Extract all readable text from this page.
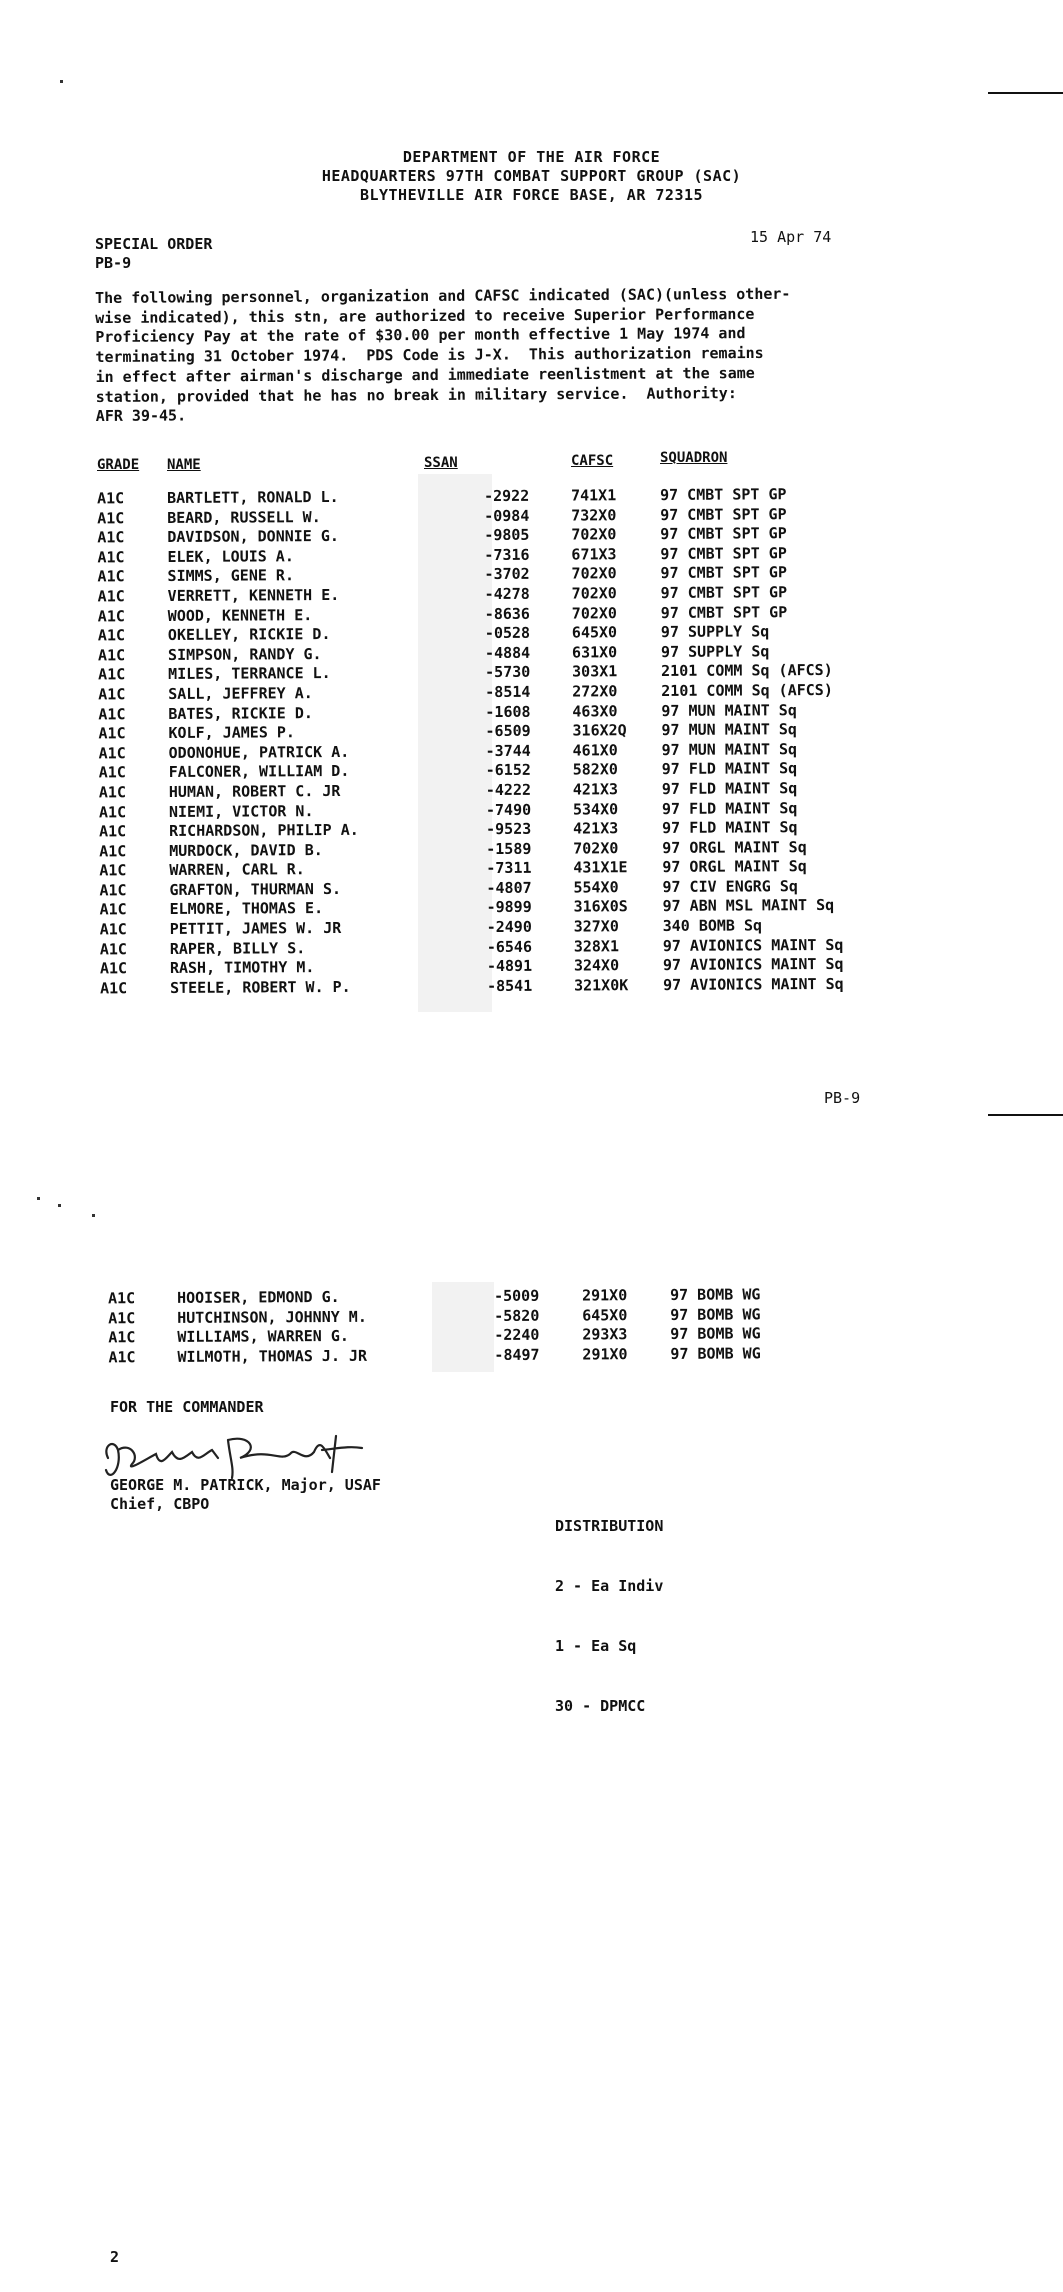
DEPARTMENT OF THE AIR FORCE
HEADQUARTERS 97TH COMBAT SUPPORT GROUP (SAC)
BLYTHEVILLE AIR FORCE BASE, AR 72315
SPECIAL ORDER
PB-9
15 Apr 74
The following personnel, organization and CAFSC indicated (SAC)(unless other-
wise indicated), this stn, are authorized to receive Superior Performance
Proficiency Pay at the rate of $30.00 per month effective 1 May 1974 and
terminating 31 October 1974.  PDS Code is J-X.  This authorization remains
in effect after airman's discharge and immediate reenlistment at the same
station, provided that he has no break in military service.  Authority:
AFR 39-45.
GRADE NAME	SSAN	CAFSC	SQUADRON
A1C	BARTLETT, RONALD L.	-2922	741X1	97 CMBT SPT GP
A1C	BEARD, RUSSELL W.	-0984	732X0	97 CMBT SPT GP
A1C	DAVIDSON, DONNIE G.	-9805	702X0	97 CMBT SPT GP
A1C	ELEK, LOUIS A.	-7316	671X3	97 CMBT SPT GP
A1C	SIMMS, GENE R.	-3702	702X0	97 CMBT SPT GP
A1C	VERRETT, KENNETH E.	-4278	702X0	97 CMBT SPT GP
A1C	WOOD, KENNETH E.	-8636	702X0	97 CMBT SPT GP
A1C	OKELLEY, RICKIE D.	-0528	645X0	97 SUPPLY Sq
A1C	SIMPSON, RANDY G.	-4884	631X0	97 SUPPLY Sq
A1C	MILES, TERRANCE L.	-5730	303X1	2101 COMM Sq (AFCS)
A1C	SALL, JEFFREY A.	-8514	272X0	2101 COMM Sq (AFCS)
A1C	BATES, RICKIE D.	-1608	463X0	97 MUN MAINT Sq
A1C	KOLF, JAMES P.	-6509	316X2Q 97 MUN MAINT Sq
A1C	ODONOHUE, PATRICK A.	-3744	461X0	97 MUN MAINT Sq
A1C	FALCONER, WILLIAM D.	-6152	582X0	97 FLD MAINT Sq
A1C	HUMAN, ROBERT C. JR	-4222	421X3	97 FLD MAINT Sq
A1C	NIEMI, VICTOR N.	-7490	534X0	97 FLD MAINT Sq
A1C	RICHARDSON, PHILIP A.	-9523	421X3	97 FLD MAINT Sq
A1C	MURDOCK, DAVID B.	-1589	702X0	97 ORGL MAINT Sq
A1C	WARREN, CARL R.	-7311	431X1E 97 ORGL MAINT Sq
A1C	GRAFTON, THURMAN S.	-4807	554X0	97 CIV ENGRG Sq
A1C	ELMORE, THOMAS E.	-9899	316X0S 97 ABN MSL MAINT Sq
A1C	PETTIT, JAMES W. JR	-2490	327X0	340 BOMB Sq
A1C	RAPER, BILLY S.	-6546	328X1	97 AVIONICS MAINT Sq
A1C	RASH, TIMOTHY M.	-4891	324X0	97 AVIONICS MAINT Sq
A1C	STEELE, ROBERT W. P.	-8541	321X0K 97 AVIONICS MAINT Sq
PB-9
A1C	HOOISER, EDMOND G.	-5009	291X0	97 BOMB WG
A1C	HUTCHINSON, JOHNNY M.	-5820	645X0	97 BOMB WG
A1C	WILLIAMS, WARREN G.	-2240	293X3	97 BOMB WG
A1C	WILMOTH, THOMAS J. JR	-8497	291X0	97 BOMB WG
FOR THE COMMANDER
GEORGE M. PATRICK, Major, USAF
Chief, CBPO

DISTRIBUTION

2 - Ea Indiv

1 - Ea Sq

30 - DPMCC

2
